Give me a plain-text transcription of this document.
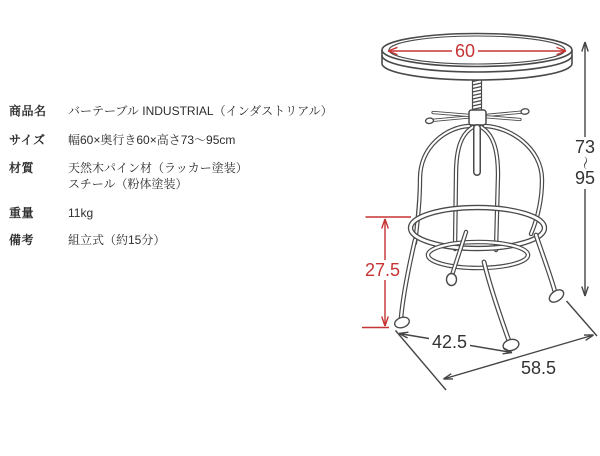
商品名	バーテーブル INDUSTRIAL（インダストリアル）
サイズ	幅60×奥行き60×高さ73〜95cm
材質	天然木パイン材（ラッカー塗装）
スチール（粉体塗装）
重量	11kg
備考	組立式（約15分）
60
73
〜
95
27.5
42.5
58.5
